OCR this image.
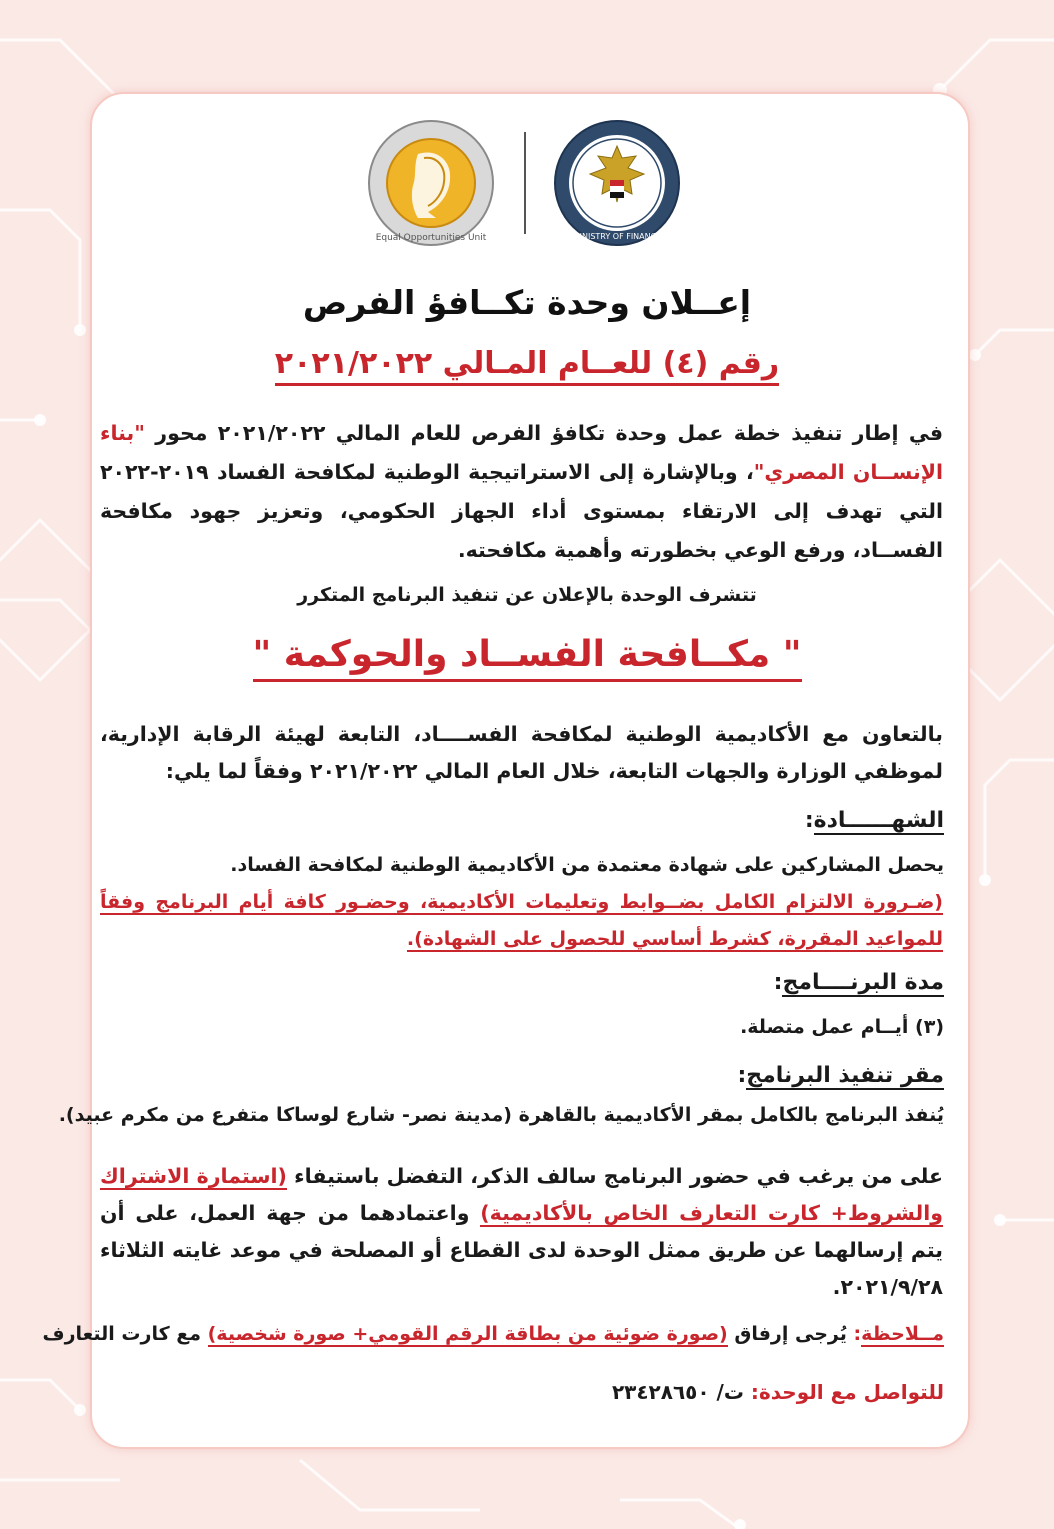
Equal Opportunities Unit	MINISTRY OF FINANCE
إعــلان وحدة تكــافؤ الفرص
رقم (٤) للعــام المـالي ٢٠٢١/٢٠٢٢
في إطار تنفيذ خطة عمل وحدة تكافؤ الفرص للعام المالي ٢٠٢١/٢٠٢٢ محور "بناء الإنســان المصري"، وبالإشارة إلى الاستراتيجية الوطنية لمكافحة الفساد ٢٠١٩-٢٠٢٢ التي تهدف إلى الارتقاء بمستوى أداء الجهاز الحكومي، وتعزيز جهود مكافحة الفســاد، ورفع الوعي بخطورته وأهمية مكافحته.
تتشرف الوحدة بالإعلان عن تنفيذ البرنامج المتكرر
" مكــافحة الفســاد والحوكمة "
بالتعاون مع الأكاديمية الوطنية لمكافحة الفســــاد، التابعة لهيئة الرقابة الإدارية، لموظفي الوزارة والجهات التابعة، خلال العام المالي ٢٠٢١/٢٠٢٢ وفقاً لما يلي:
الشهــــــادة:
يحصل المشاركين على شهادة معتمدة من الأكاديمية الوطنية لمكافحة الفساد.
(ضـرورة الالتزام الكامل بضــوابط وتعليمات الأكاديمية، وحضـور كافة أيام البرنامج وفقاً للمواعيد المقررة، كشرط أساسي للحصول على الشهادة).
مدة البرنــــامج:
(٣) أيــام عمل متصلة.
مقر تنفيذ البرنامج:
يُنفذ البرنامج بالكامل بمقر الأكاديمية بالقاهرة (مدينة نصر- شارع لوساكا متفرع من مكرم عبيد).
على من يرغب في حضور البرنامج سالف الذكر، التفضل باستيفاء (استمارة الاشتراك والشروط+ كارت التعارف الخاص بالأكاديمية) واعتمادهما من جهة العمل، على أن يتم إرسالهما عن طريق ممثل الوحدة لدى القطاع أو المصلحة في موعد غايته الثلاثاء ٢٠٢١/٩/٢٨.
مــلاحظة: يُرجى إرفاق (صورة ضوئية من بطاقة الرقم القومي+ صورة شخصية) مع كارت التعارف
للتواصل مع الوحدة: ت/ ٢٣٤٢٨٦٥٠
